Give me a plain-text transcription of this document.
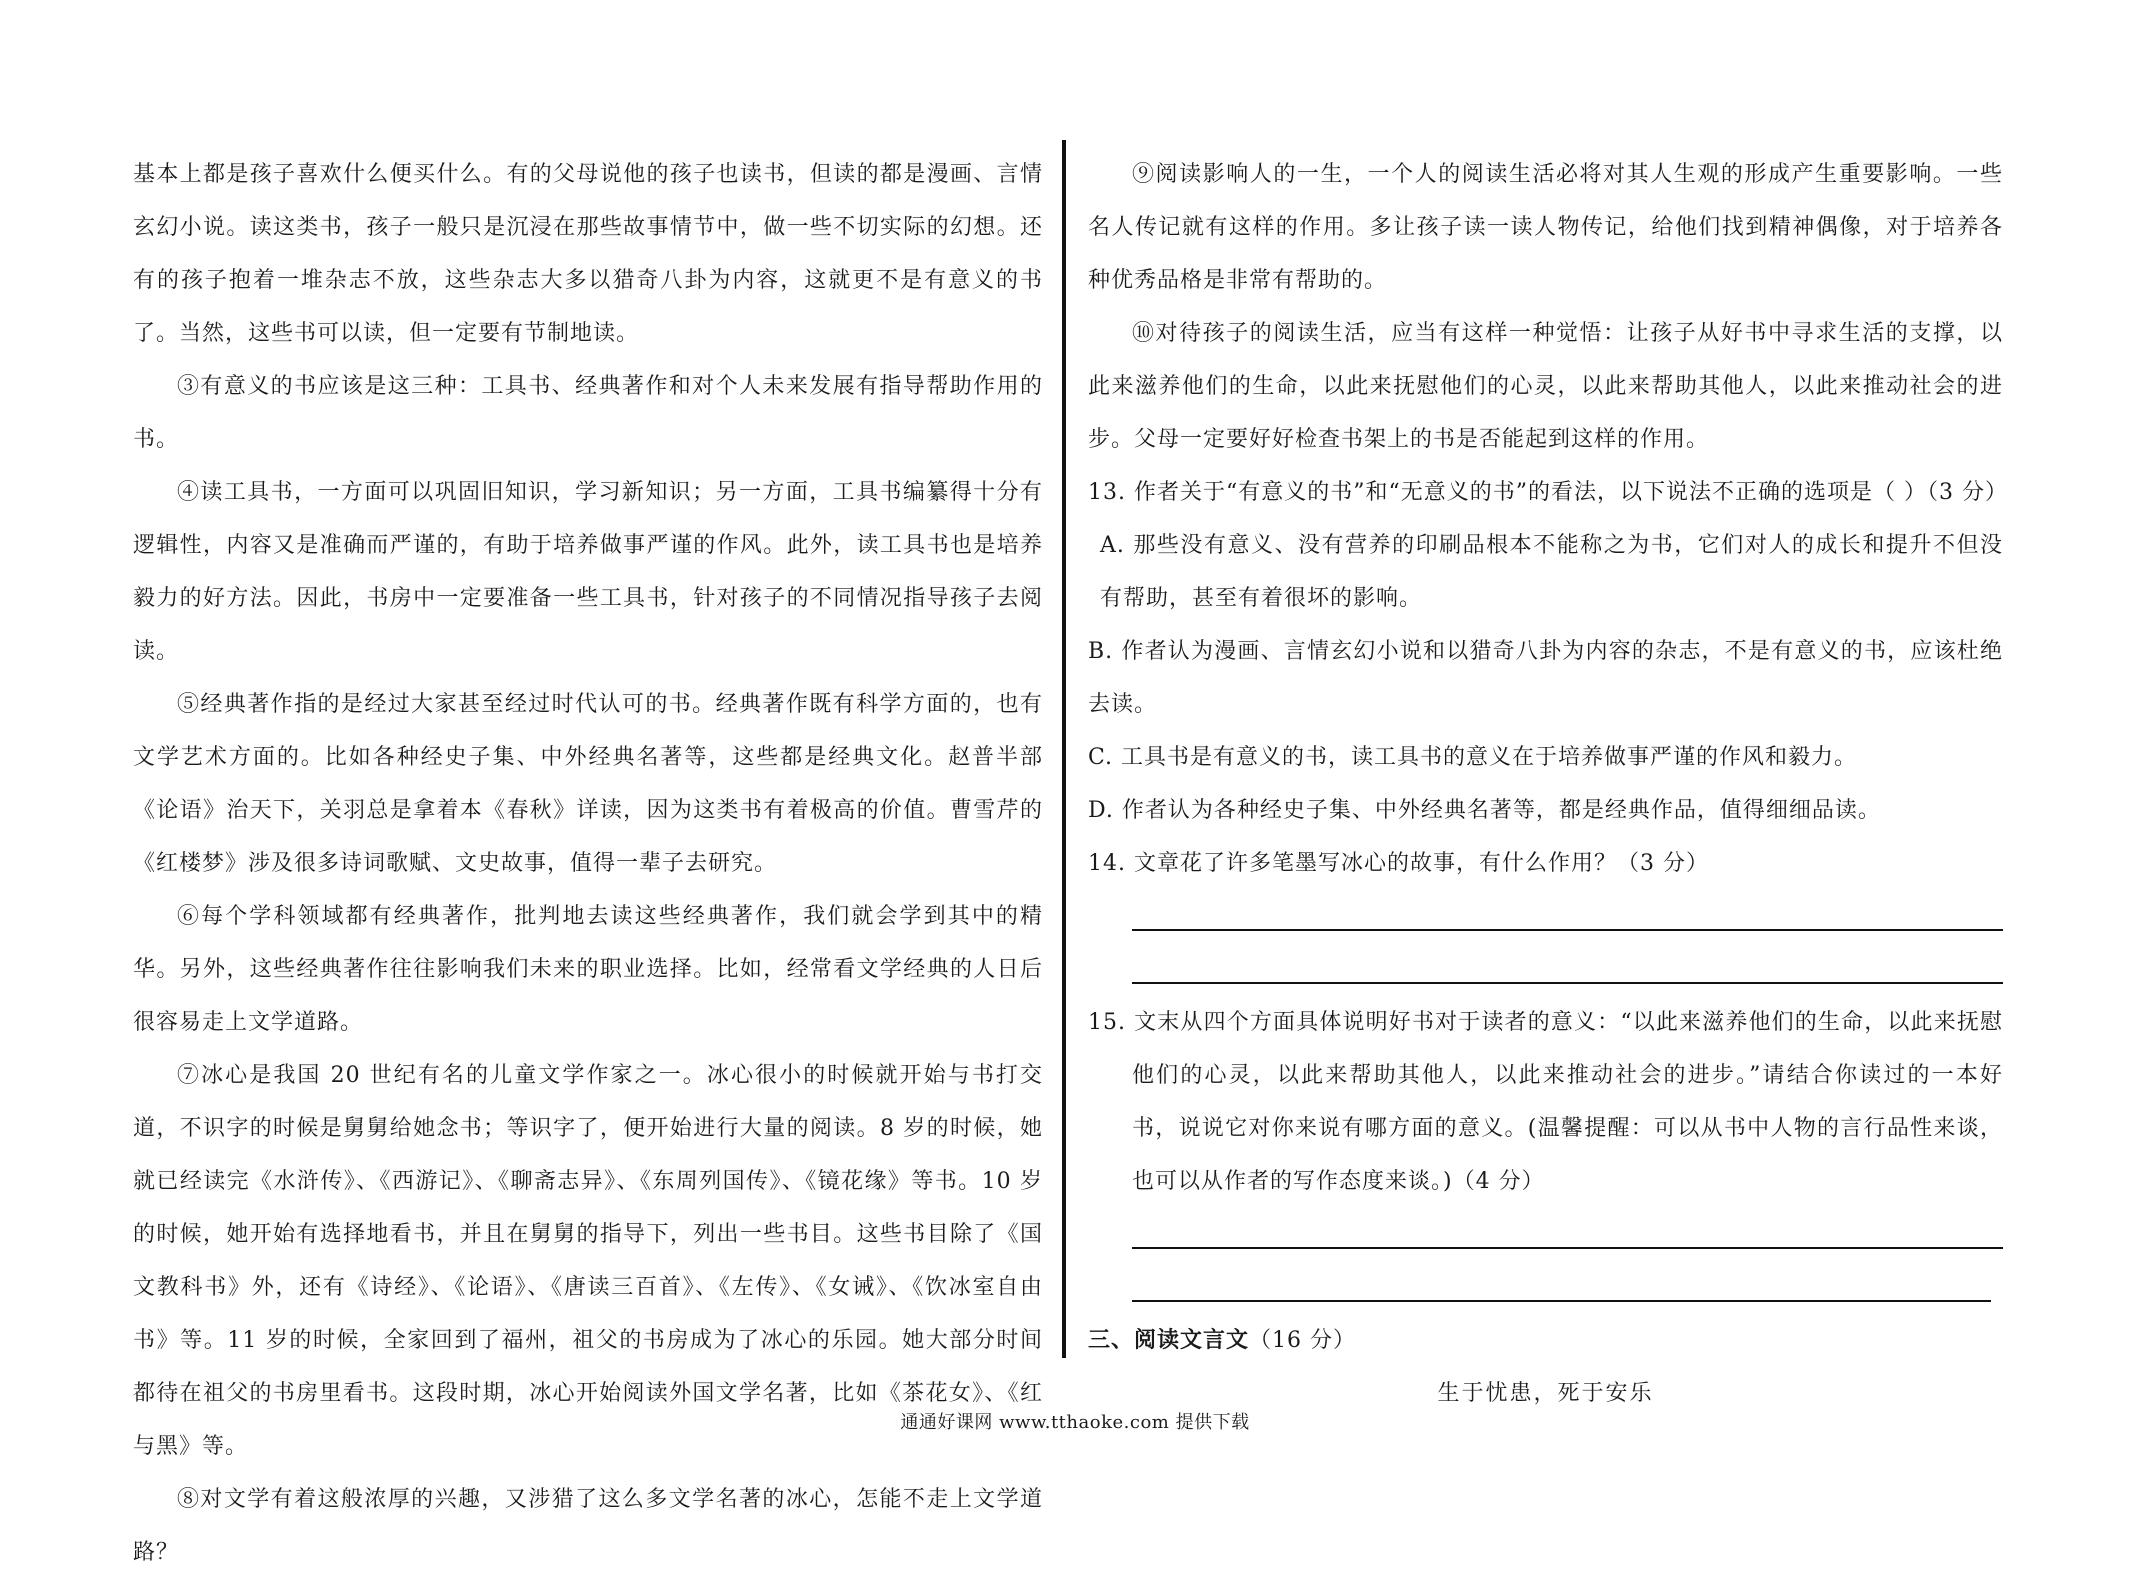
基本上都是孩子喜欢什么便买什么。有的父母说他的孩子也读书，但读的都是漫画、言情玄幻小说。读这类书，孩子一般只是沉浸在那些故事情节中，做一些不切实际的幻想。还有的孩子抱着一堆杂志不放，这些杂志大多以猎奇八卦为内容，这就更不是有意义的书了。当然，这些书可以读，但一定要有节制地读。

③有意义的书应该是这三种：工具书、经典著作和对个人未来发展有指导帮助作用的书。

④读工具书，一方面可以巩固旧知识，学习新知识；另一方面，工具书编纂得十分有逻辑性，内容又是准确而严谨的，有助于培养做事严谨的作风。此外，读工具书也是培养毅力的好方法。因此，书房中一定要准备一些工具书，针对孩子的不同情况指导孩子去阅读。

⑤经典著作指的是经过大家甚至经过时代认可的书。经典著作既有科学方面的，也有文学艺术方面的。比如各种经史子集、中外经典名著等，这些都是经典文化。赵普半部《论语》治天下，关羽总是拿着本《春秋》详读，因为这类书有着极高的价值。曹雪芹的《红楼梦》涉及很多诗词歌赋、文史故事，值得一辈子去研究。

⑥每个学科领域都有经典著作，批判地去读这些经典著作，我们就会学到其中的精华。另外，这些经典著作往往影响我们未来的职业选择。比如，经常看文学经典的人日后很容易走上文学道路。

⑦冰心是我国 20 世纪有名的儿童文学作家之一。冰心很小的时候就开始与书打交道，不识字的时候是舅舅给她念书；等识字了，便开始进行大量的阅读。8 岁的时候，她就已经读完《水浒传》、《西游记》、《聊斋志异》、《东周列国传》、《镜花缘》等书。10 岁的时候，她开始有选择地看书，并且在舅舅的指导下，列出一些书目。这些书目除了《国文教科书》外，还有《诗经》、《论语》、《唐读三百首》、《左传》、《女诫》、《饮冰室自由书》等。11 岁的时候，全家回到了福州，祖父的书房成为了冰心的乐园。她大部分时间都待在祖父的书房里看书。这段时期，冰心开始阅读外国文学名著，比如《茶花女》、《红与黑》等。

⑧对文学有着这般浓厚的兴趣，又涉猎了这么多文学名著的冰心，怎能不走上文学道路？

⑨阅读影响人的一生，一个人的阅读生活必将对其人生观的形成产生重要影响。一些名人传记就有这样的作用。多让孩子读一读人物传记，给他们找到精神偶像，对于培养各种优秀品格是非常有帮助的。

⑩对待孩子的阅读生活，应当有这样一种觉悟：让孩子从好书中寻求生活的支撑，以此来滋养他们的生命，以此来抚慰他们的心灵，以此来帮助其他人，以此来推动社会的进步。父母一定要好好检查书架上的书是否能起到这样的作用。

13. 作者关于“有意义的书”和“无意义的书”的看法，以下说法不正确的选项是（ ）（3 分）

A. 那些没有意义、没有营养的印刷品根本不能称之为书，它们对人的成长和提升不但没有帮助，甚至有着很坏的影响。

B. 作者认为漫画、言情玄幻小说和以猎奇八卦为内容的杂志，不是有意义的书，应该杜绝去读。

C. 工具书是有意义的书，读工具书的意义在于培养做事严谨的作风和毅力。

D. 作者认为各种经史子集、中外经典名著等，都是经典作品，值得细细品读。

14. 文章花了许多笔墨写冰心的故事，有什么作用？（3 分）

15. 文末从四个方面具体说明好书对于读者的意义：“以此来滋养他们的生命，以此来抚慰他们的心灵，以此来帮助其他人，以此来推动社会的进步。”请结合你读过的一本好书，说说它对你来说有哪方面的意义。(温馨提醒：可以从书中人物的言行品性来谈，也可以从作者的写作态度来谈。)（4 分）

三、阅读文言文（16 分）

生于忧患，死于安乐

通通好课网 www.tthaoke.com 提供下载
